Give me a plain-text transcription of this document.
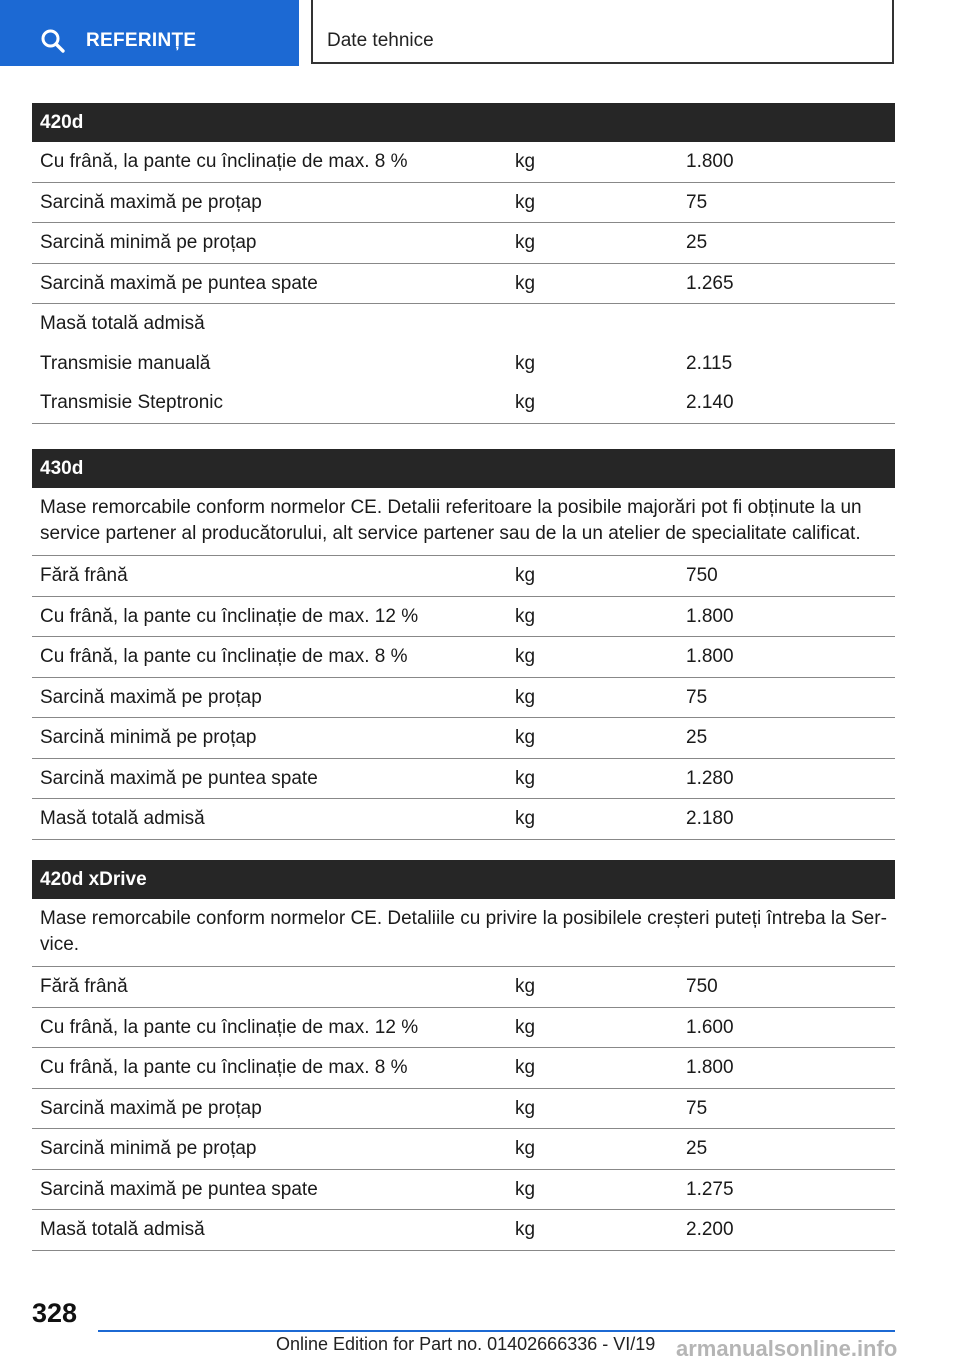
REFERINȚE	Date tehnice
420d
Cu frână, la pante cu înclinație de max. 8 %	kg	1.800
Sarcină maximă pe proțap	kg	75
Sarcină minimă pe proțap	kg	25
Sarcină maximă pe puntea spate	kg	1.265
Masă totală admisă
Transmisie manuală	kg	2.115
Transmisie Steptronic	kg	2.140
430d
Mase remorcabile conform normelor CE. Detalii referitoare la posibile majorări pot fi obținute la un service partener al producătorului, alt service partener sau de la un atelier de specialitate calificat.
Fără frână	kg	750
Cu frână, la pante cu înclinație de max. 12 %	kg	1.800
Cu frână, la pante cu înclinație de max. 8 %	kg	1.800
Sarcină maximă pe proțap	kg	75
Sarcină minimă pe proțap	kg	25
Sarcină maximă pe puntea spate	kg	1.280
Masă totală admisă	kg	2.180
420d xDrive
Mase remorcabile conform normelor CE. Detaliile cu privire la posibilele creșteri puteți întreba la Ser-vice.
Fără frână	kg	750
Cu frână, la pante cu înclinație de max. 12 %	kg	1.600
Cu frână, la pante cu înclinație de max. 8 %	kg	1.800
Sarcină maximă pe proțap	kg	75
Sarcină minimă pe proțap	kg	25
Sarcină maximă pe puntea spate	kg	1.275
Masă totală admisă	kg	2.200
328
Online Edition for Part no. 01402666336 - VI/19 armanualsonline.info
